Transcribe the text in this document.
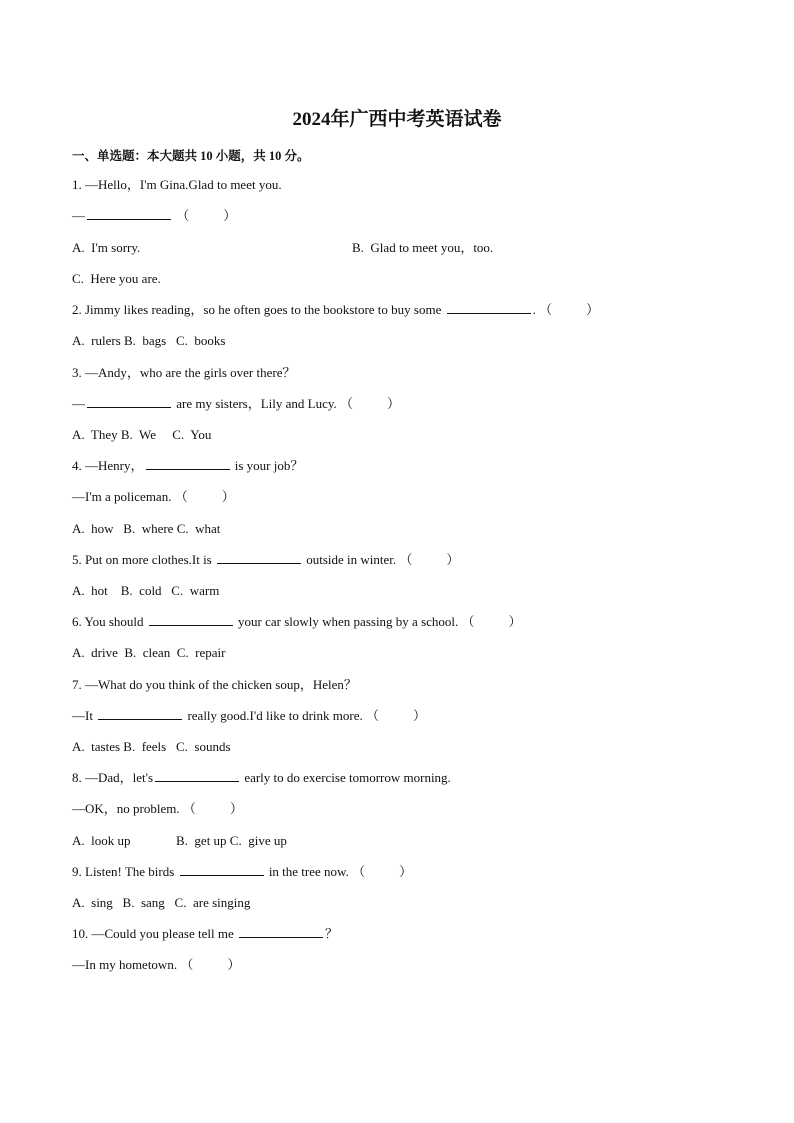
2024年广西中考英语试卷
一、单选题：本大题共 10 小题，共 10 分。
1. —Hello，I'm Gina.Glad to meet you.
—	（	）
A.  I'm sorry.
C.  Here you are.
2. Jimmy likes reading，so he often goes to the bookstore to buy some	. （	）
A.  rulers B.  bags   C.  books
3. —Andy，who are the girls over there？
—	are my sisters，Lily and Lucy. （	）
A.  They B.  We     C.  You
4. —Henry，	is your job？
—I'm a policeman. （	）
A.  how   B.  where C.  what
5. Put on more clothes.It is	outside in winter. （	）
A.  hot    B.  cold   C.  warm
6. You should	your car slowly when passing by a school. （	）
A.  drive  B.  clean  C.  repair
7. —What do you think of the chicken soup，Helen？
—It	really good.I'd like to drink more. （	）
A.  tastes B.  feels   C.  sounds
8. —Dad，let's	early to do exercise tomorrow morning.
—OK，no problem. （	）
A.  look up              B.  get up C.  give up
9. Listen! The birds	in the tree now. （	）
A.  sing   B.  sang   C.  are singing
10. —Could you please tell me	？
—In my hometown. （	）
B.  Glad to meet you，too.
